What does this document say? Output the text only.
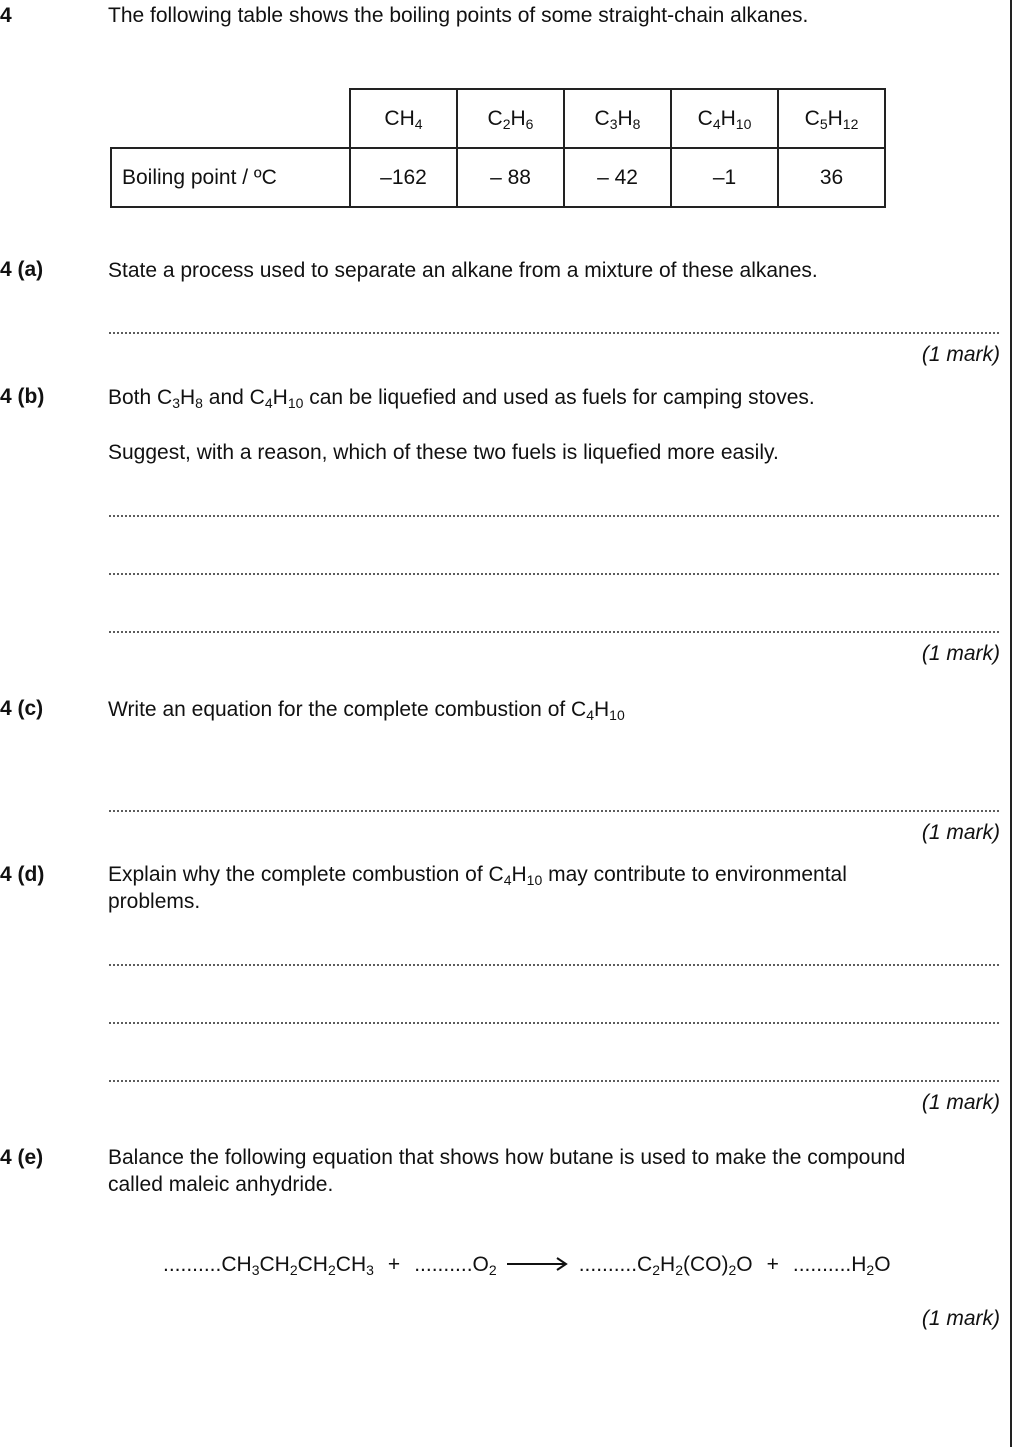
4	The following table shows the boiling points of some straight-chain alkanes.
	$CH_4$	$C_2H_6$	$C_3H_8$	$C_4H_{10}$	$C_5H_{12}$
Boiling point / ºC	–162	– 88	– 42	–1	36
4 (a)	State a process used to separate an alkane from a mixture of these alkanes.
(1 mark)
4 (b)	Both $C_3H_8$ and $C_4H_{10}$ can be liquefied and used as fuels for camping stoves.
Suggest, with a reason, which of these two fuels is liquefied more easily.
(1 mark)
4 (c)	Write an equation for the complete combustion of $C_4H_{10}$
(1 mark)
4 (d)	Explain why the complete combustion of $C_4H_{10}$ may contribute to environmental
problems.
(1 mark)
4 (e)	Balance the following equation that shows how butane is used to make the compound
called maleic anhydride.
.......... $CH_3CH_2CH_2CH_3$ + .......... $O_2$ → .......... $C_2H_2(CO)_2O$ + .......... $H_2O$
(1 mark)
